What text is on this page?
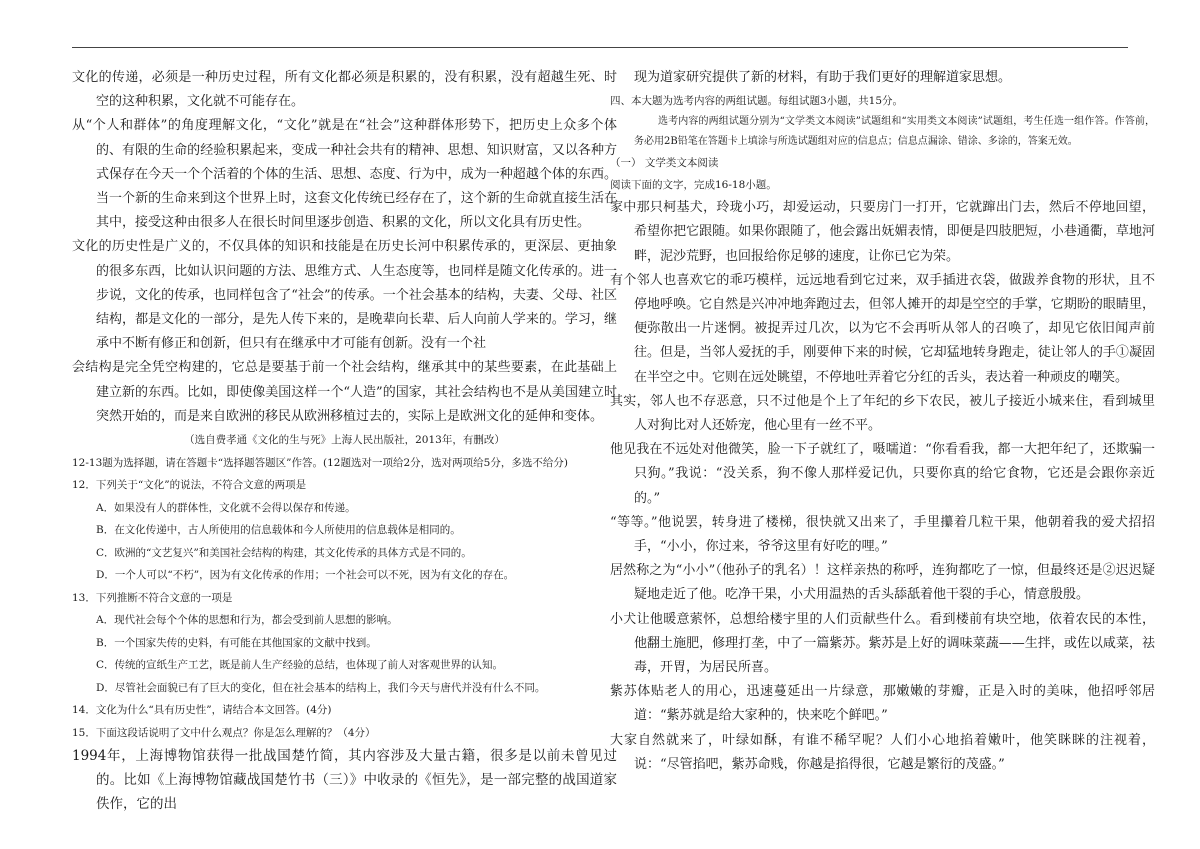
文化的传递，必须是一种历史过程，所有文化都必须是积累的，没有积累，没有超越生死、时空的这种积累，文化就不可能存在。

从“个人和群体”的角度理解文化，“文化”就是在“社会”这种群体形势下，把历史上众多个体的、有限的生命的经验积累起来，变成一种社会共有的精神、思想、知识财富，又以各种方式保存在今天一个个活着的个体的生活、思想、态度、行为中，成为一种超越个体的东西。当一个新的生命来到这个世界上时，这套文化传统已经存在了，这个新的生命就直接生活在其中，接受这种由很多人在很长时间里逐步创造、积累的文化，所以文化具有历史性。

文化的历史性是广义的，不仅具体的知识和技能是在历史长河中积累传承的，更深层、更抽象的很多东西，比如认识问题的方法、思维方式、人生态度等，也同样是随文化传承的。进一步说，文化的传承，也同样包含了“社会”的传承。一个社会基本的结构，夫妻、父母、社区结构，都是文化的一部分，是先人传下来的，是晚辈向长辈、后人向前人学来的。学习，继承中不断有修正和创新，但只有在继承中才可能有创新。没有一个社

会结构是完全凭空构建的，它总是要基于前一个社会结构，继承其中的某些要素，在此基础上建立新的东西。比如，即使像美国这样一个“人造”的国家，其社会结构也不是从美国建立时突然开始的，而是来自欧洲的移民从欧洲移植过去的，实际上是欧洲文化的延伸和变体。

（选自费孝通《文化的生与死》上海人民出版社，2013年，有删改）

12-13题为选择题，请在答题卡“选择题答题区”作答。(12题选对一项给2分，选对两项给5分，多选不给分)

12．下列关于“文化”的说法，不符合文意的两项是

A．如果没有人的群体性，文化就不会得以保存和传递。

B．在文化传递中，古人所使用的信息载体和今人所使用的信息载体是相同的。

C．欧洲的“文艺复兴”和美国社会结构的构建，其文化传承的具体方式是不同的。

D．一个人可以“不朽”，因为有文化传承的作用；一个社会可以不死，因为有文化的存在。

13．下列推断不符合文意的一项是

A．现代社会每个个体的思想和行为，都会受到前人思想的影响。

B．一个国家失传的史料，有可能在其他国家的文献中找到。

C．传统的宣纸生产工艺，既是前人生产经验的总结，也体现了前人对客观世界的认知。

D．尽管社会面貌已有了巨大的变化，但在社会基本的结构上，我们今天与唐代并没有什么不同。

14．文化为什么“具有历史性”，请结合本文回答。(4分)

15．下面这段话说明了文中什么观点？你是怎么理解的？（4分）

1994年，上海博物馆获得一批战国楚竹简，其内容涉及大量古籍，很多是以前未曾见过的。比如《上海博物馆藏战国楚竹书（三）》中收录的《恒先》，是一部完整的战国道家佚作，它的出

现为道家研究提供了新的材料，有助于我们更好的理解道家思想。

四、本大题为选考内容的两组试题。每组试题3小题，共15分。

选考内容的两组试题分别为“文学类文本阅读”试题组和“实用类文本阅读”试题组，考生任选一组作答。作答前，务必用2B铅笔在答题卡上填涂与所选试题组对应的信息点；信息点漏涂、错涂、多涂的，答案无效。

（一） 文学类文本阅读

阅读下面的文字，完成16-18小题。

家中那只柯基犬，玲珑小巧，却爱运动，只要房门一打开，它就蹿出门去，然后不停地回望，希望你把它跟随。如果你跟随了，他会露出妩媚表情，即便是四肢肥短，小巷通衢，草地河畔，泥沙荒野，也回报给你足够的速度，让你已它为荣。

有个邻人也喜欢它的乖巧模样，远远地看到它过来，双手插进衣袋，做跋养食物的形状，且不停地呼唤。它自然是兴冲冲地奔跑过去，但邻人摊开的却是空空的手掌，它期盼的眼睛里，便弥散出一片迷惘。被捉弄过几次，以为它不会再听从邻人的召唤了，却见它依旧闻声前往。但是，当邻人爱抚的手，刚要伸下来的时候，它却猛地转身跑走，徒让邻人的手①凝固在半空之中。它则在远处眺望，不停地吐弄着它分红的舌头，表达着一种顽皮的嘲笑。

其实，邻人也不存恶意，只不过他是个上了年纪的乡下农民，被儿子接近小城来住，看到城里人对狗比对人还娇宠，他心里有一丝不平。

他见我在不远处对他微笑，脸一下子就红了，嗫嚅道：“你看看我，都一大把年纪了，还欺骗一只狗。”我说：“没关系，狗不像人那样爱记仇，只要你真的给它食物，它还是会跟你亲近的。”

“等等。”他说罢，转身进了楼梯，很快就又出来了，手里攥着几粒干果，他朝着我的爱犬招招手，“小小，你过来，爷爷这里有好吃的哩。”

居然称之为“小小”（他孙子的乳名）！这样亲热的称呼，连狗都吃了一惊，但最终还是②迟迟疑疑地走近了他。吃净干果，小犬用温热的舌头舔舐着他干裂的手心，情意殷殷。

小犬让他暖意萦怀，总想给楼宇里的人们贡献些什么。看到楼前有块空地，依着农民的本性，他翻土施肥，修理打垄，中了一篇紫苏。紫苏是上好的调味菜蔬——生拌，或佐以咸菜，祛毒，开胃，为居民所喜。

紫苏体贴老人的用心，迅速蔓延出一片绿意，那嫩嫩的芽瓣，正是入时的美味，他招呼邻居道：“紫苏就是给大家种的，快来吃个鲜吧。”

大家自然就来了，叶绿如酥，有谁不稀罕呢？人们小心地掐着嫩叶，他笑眯眯的注视着，说：“尽管掐吧，紫苏命贱，你越是掐得很，它越是繁衍的茂盛。”
